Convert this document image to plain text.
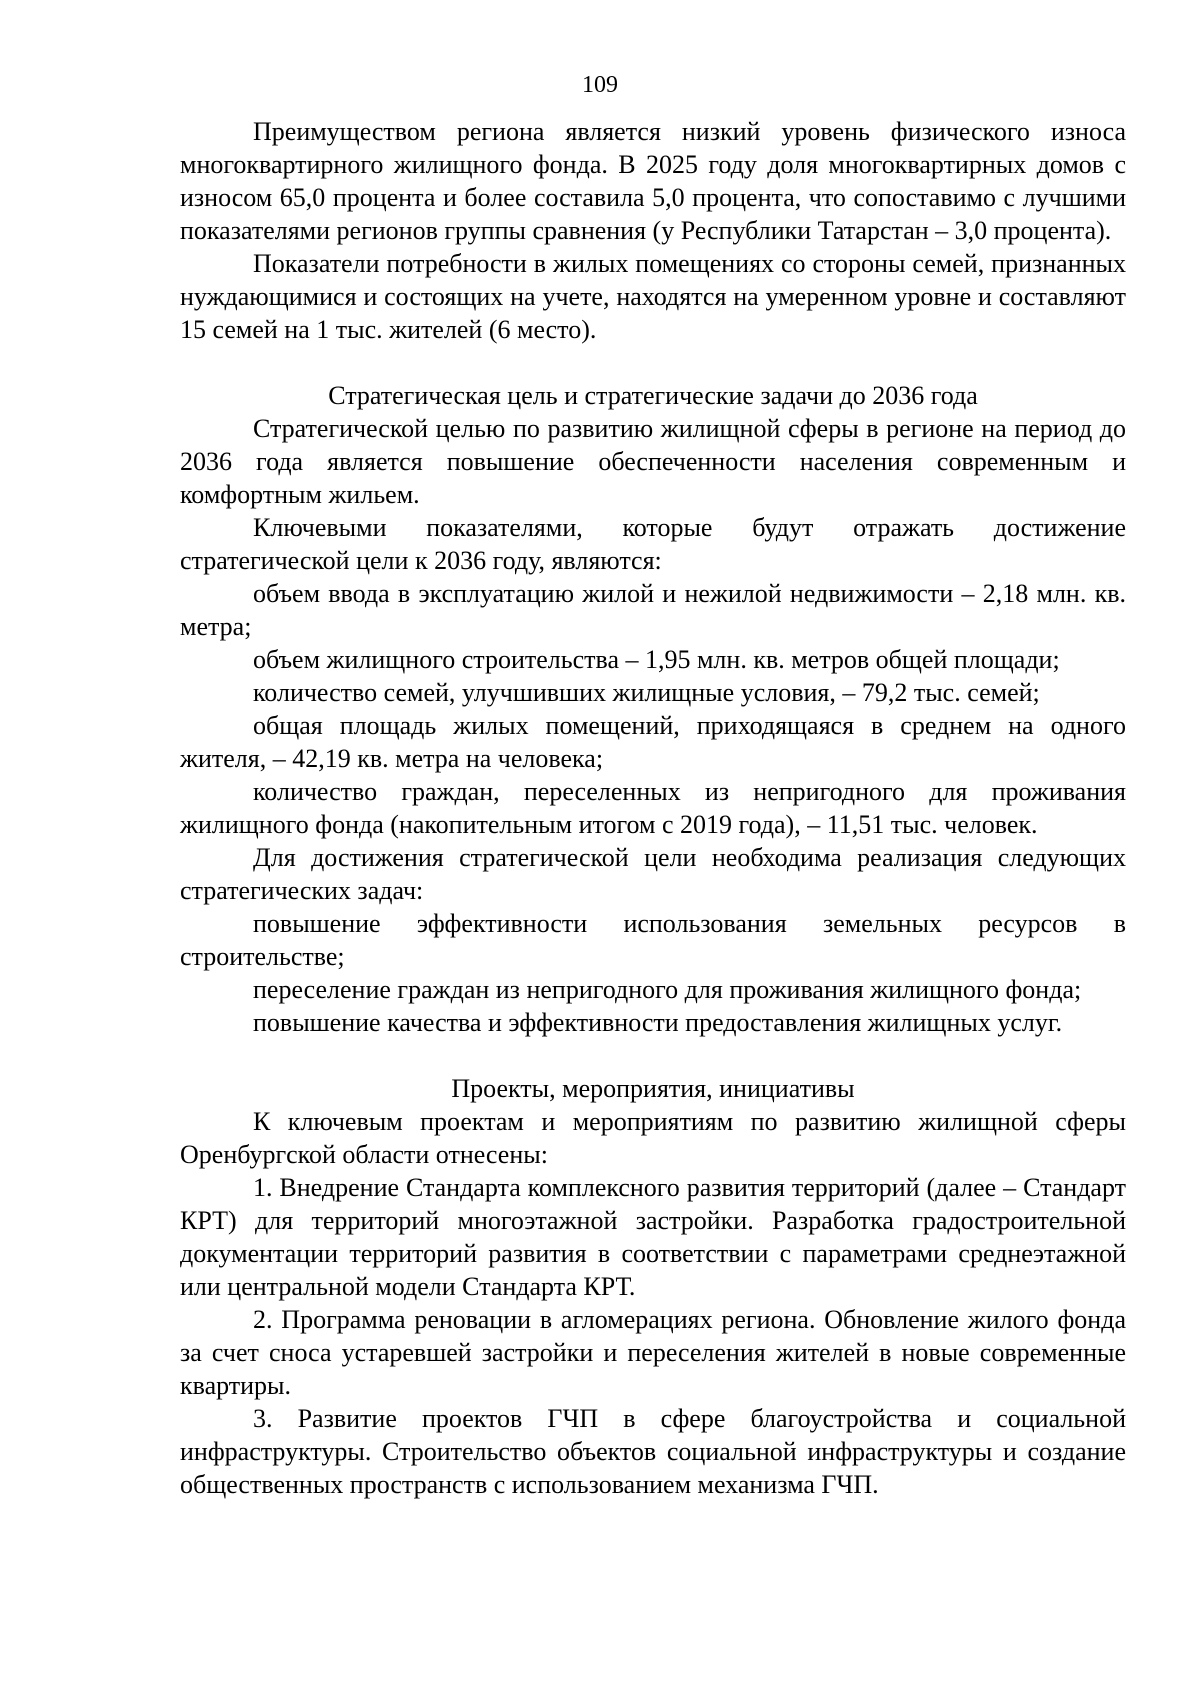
109

Преимуществом региона является низкий уровень физического износа многоквартирного жилищного фонда. В 2025 году доля многоквартирных домов с износом 65,0 процента и более составила 5,0 процента, что сопоставимо с лучшими показателями регионов группы сравнения (у Республики Татарстан – 3,0 процента).

Показатели потребности в жилых помещениях со стороны семей, признанных нуждающимися и состоящих на учете, находятся на умеренном уровне и составляют 15 семей на 1 тыс. жителей (6 место).

Стратегическая цель и стратегические задачи до 2036 года

Стратегической целью по развитию жилищной сферы в регионе на период до 2036 года является повышение обеспеченности населения современным и комфортным жильем.

Ключевыми показателями, которые будут отражать достижение стратегической цели к 2036 году, являются:

объем ввода в эксплуатацию жилой и нежилой недвижимости – 2,18 млн. кв. метра;

объем жилищного строительства – 1,95 млн. кв. метров общей площади;

количество семей, улучшивших жилищные условия, – 79,2 тыс. семей;

общая площадь жилых помещений, приходящаяся в среднем на одного жителя, – 42,19 кв. метра на человека;

количество граждан, переселенных из непригодного для проживания жилищного фонда (накопительным итогом с 2019 года), – 11,51 тыс. человек.

Для достижения стратегической цели необходима реализация следующих стратегических задач:

повышение эффективности использования земельных ресурсов в строительстве;

переселение граждан из непригодного для проживания жилищного фонда;

повышение качества и эффективности предоставления жилищных услуг.

Проекты, мероприятия, инициативы

К ключевым проектам и мероприятиям по развитию жилищной сферы Оренбургской области отнесены:

1. Внедрение Стандарта комплексного развития территорий (далее – Стандарт КРТ) для территорий многоэтажной застройки. Разработка градостроительной документации территорий развития в соответствии с параметрами среднеэтажной или центральной модели Стандарта КРТ.

2. Программа реновации в агломерациях региона. Обновление жилого фонда за счет сноса устаревшей застройки и переселения жителей в новые современные квартиры.

3. Развитие проектов ГЧП в сфере благоустройства и социальной инфраструктуры. Строительство объектов социальной инфраструктуры и создание общественных пространств с использованием механизма ГЧП.
